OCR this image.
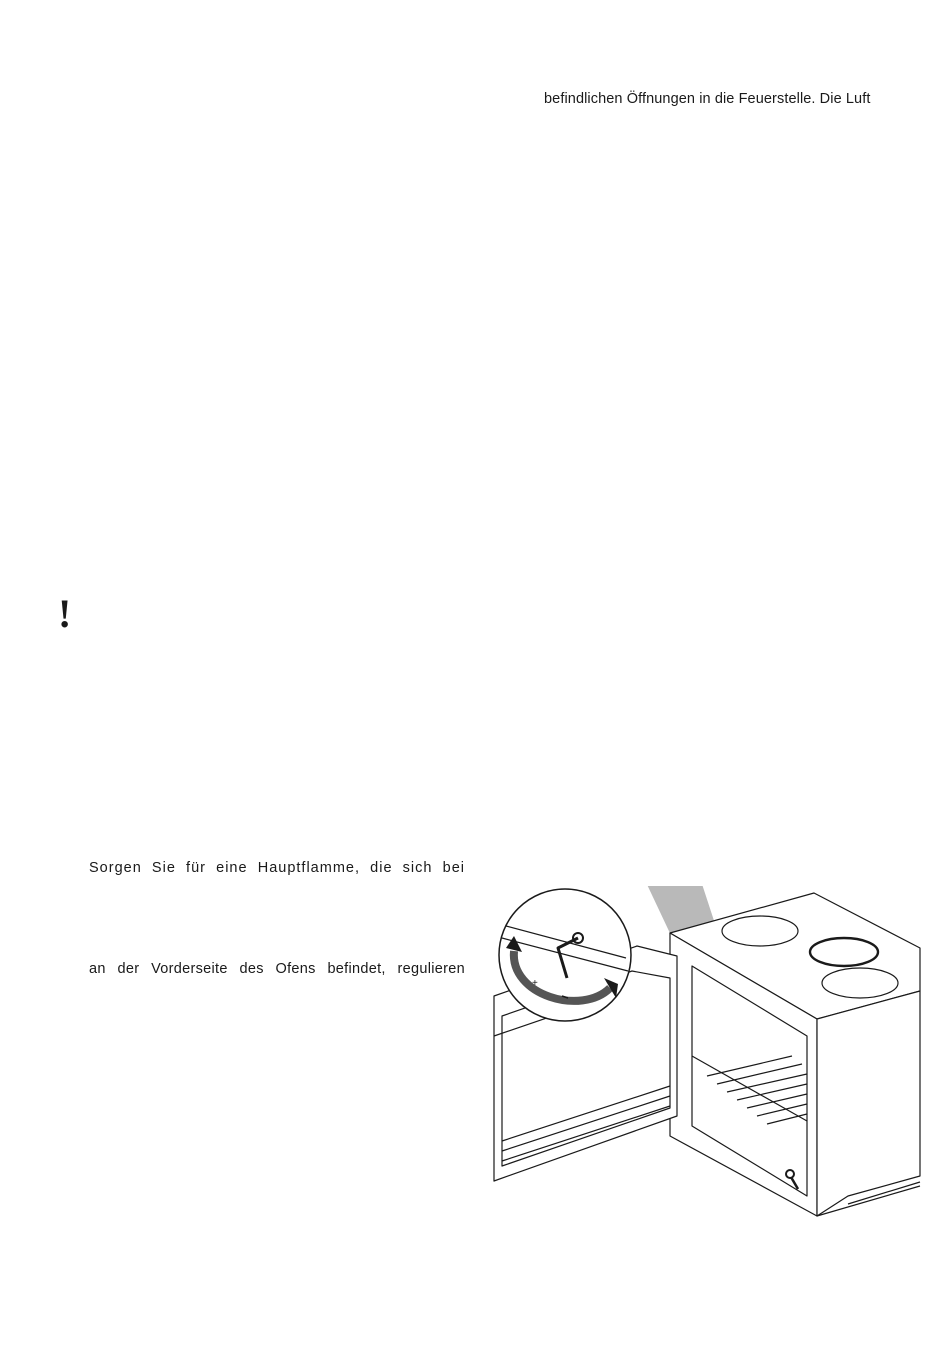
befindlichen Öffnungen in die Feuerstelle. Die Luft
!
Sorgen Sie für eine Hauptflamme, die sich bei
an der Vorderseite des Ofens befindet, regulieren
+
